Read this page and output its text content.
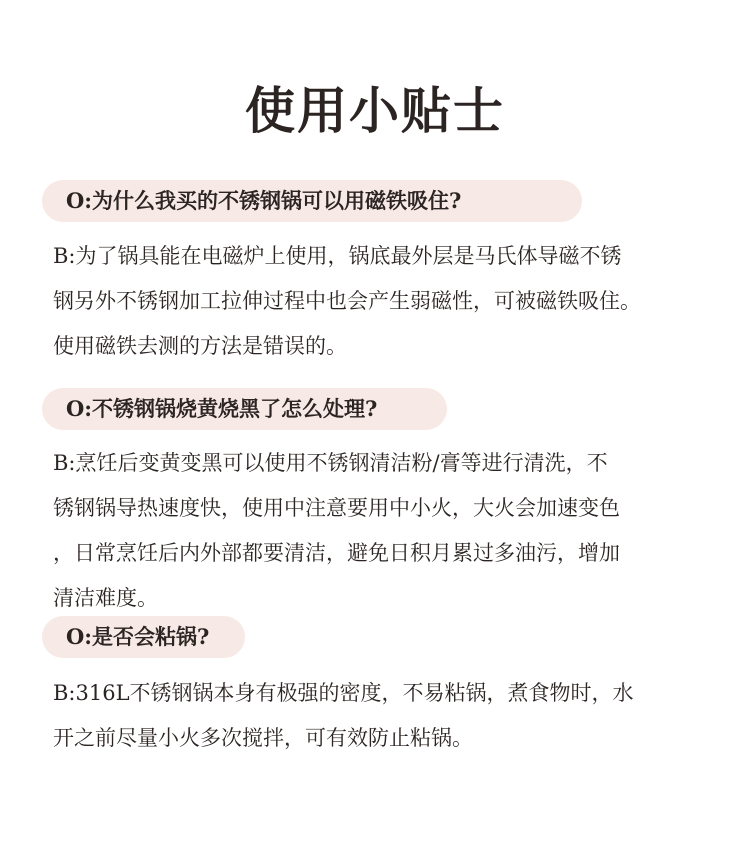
使用小贴士
O:为什么我买的不锈钢锅可以用磁铁吸住?
B:为了锅具能在电磁炉上使用，锅底最外层是马氏体导磁不锈
钢另外不锈钢加工拉伸过程中也会产生弱磁性，可被磁铁吸住。
使用磁铁去测的方法是错误的。
O:不锈钢锅烧黄烧黑了怎么处理?
B:烹饪后变黄变黑可以使用不锈钢清洁粉/膏等进行清洗，不
锈钢锅导热速度快，使用中注意要用中小火，大火会加速变色
，日常烹饪后内外部都要清洁，避免日积月累过多油污，增加
清洁难度。
O:是否会粘锅?
B:316L不锈钢锅本身有极强的密度，不易粘锅，煮食物时，水
开之前尽量小火多次搅拌，可有效防止粘锅。
